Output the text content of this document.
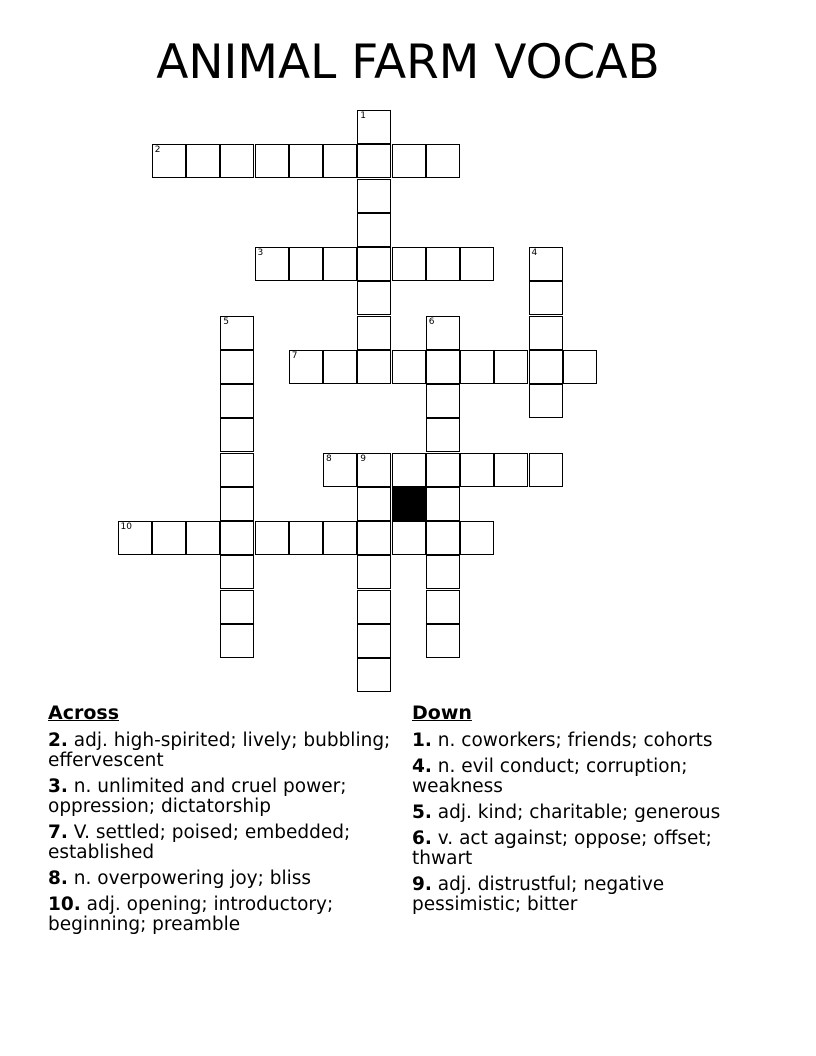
ANIMAL FARM VOCAB
1
2
3	4
5	6
7
8	9
10
Across
2. adj. high-spirited; lively; bubbling; effervescent
3. n. unlimited and cruel power; oppression; dictatorship
7. V. settled; poised; embedded; established
8. n. overpowering joy; bliss
10. adj. opening; introductory; beginning; preamble
Down
1. n. coworkers; friends; cohorts
4. n. evil conduct; corruption; weakness
5. adj. kind; charitable; generous
6. v. act against; oppose; offset; thwart
9. adj. distrustful; negative pessimistic; bitter
